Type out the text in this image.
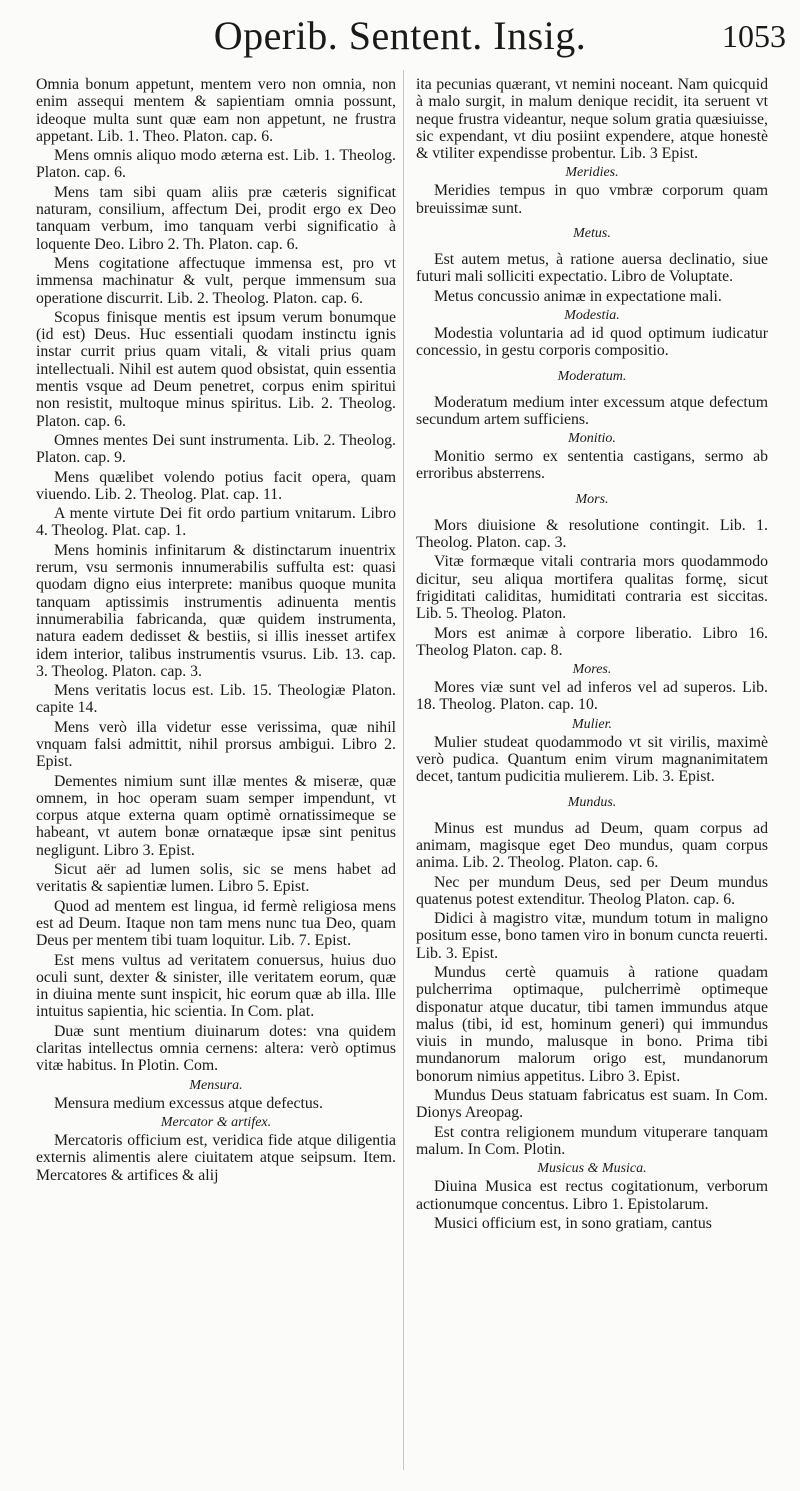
Operib. Sentent. Insig.	1053
Omnia bonum appetunt, mentem vero non omnia, non enim assequi mentem & sapientiam omnia possunt, ideoque multa sunt quæ eam non appetunt, ne frustra appetant. Lib. 1. Theo. Platon. cap. 6.
Mens omnis aliquo modo æterna est. Lib. 1. Theolog. Platon. cap. 6.
Mens tam sibi quam aliis præ cæteris significat naturam, consilium, affectum Dei, prodit ergo ex Deo tanquam verbum, imo tanquam verbi significatio à loquente Deo. Libro 2. Th. Platon. cap. 6.
Mens cogitatione affectuque immensa est, pro vt immensa machinatur & vult, perque immensum sua operatione discurrit. Lib. 2. Theolog. Platon. cap. 6.
Scopus finisque mentis est ipsum verum bonumque (id est) Deus. Huc essentiali quodam instinctu ignis instar currit prius quam vitali, & vitali prius quam intellectuali. Nihil est autem quod obsistat, quin essentia mentis vsque ad Deum penetret, corpus enim spiritui non resistit, multoque minus spiritus. Lib. 2. Theolog. Platon. cap. 6.
Omnes mentes Dei sunt instrumenta. Lib. 2. Theolog. Platon. cap. 9.
Mens quælibet volendo potius facit opera, quam viuendo. Lib. 2. Theolog. Plat. cap. 11.
A mente virtute Dei fit ordo partium vnitarum. Libro 4. Theolog. Plat. cap. 1.
Mens hominis infinitarum & distinctarum inuentrix rerum, vsu sermonis innumerabilis suffulta est: quasi quodam digno eius interprete: manibus quoque munita tanquam aptissimis instrumentis adinuenta mentis innumerabilia fabricanda, quæ quidem instrumenta, natura eadem dedisset & bestiis, si illis inesset artifex idem interior, talibus instrumentis vsurus. Lib. 13. cap. 3. Theolog. Platon. cap. 3.
Mens veritatis locus est. Lib. 15. Theologiæ Platon. capite 14.
Mens verò illa videtur esse verissima, quæ nihil vnquam falsi admittit, nihil prorsus ambigui. Libro 2. Epist.
Dementes nimium sunt illæ mentes & miseræ, quæ omnem, in hoc operam suam semper impendunt, vt corpus atque externa quam optimè ornatissimeque se habeant, vt autem bonæ ornatæque ipsæ sint penitus negligunt. Libro 3. Epist.
Sicut aër ad lumen solis, sic se mens habet ad veritatis & sapientiæ lumen. Libro 5. Epist.
Quod ad mentem est lingua, id fermè religiosa mens est ad Deum. Itaque non tam mens nunc tua Deo, quam Deus per mentem tibi tuam loquitur. Lib. 7. Epist.
Est mens vultus ad veritatem conuersus, huius duo oculi sunt, dexter & sinister, ille veritatem eorum, quæ in diuina mente sunt inspicit, hic eorum quæ ab illa. Ille intuitus sapientia, hic scientia. In Com. plat.
Duæ sunt mentium diuinarum dotes: vna quidem claritas intellectus omnia cernens: altera: verò optimus vitæ habitus. In Plotin. Com.
Mensura.
Mensura medium excessus atque defectus.
Mercator & artifex.
Mercatoris officium est, veridica fide atque diligentia externis alimentis alere ciuitatem atque seipsum. Item. Mercatores & artifices & alij
ita pecunias quærant, vt nemini noceant. Nam quicquid à malo surgit, in malum denique recidit, ita seruent vt neque frustra videantur, neque solum gratia quæsiuisse, sic expendant, vt diu posiint expendere, atque honestè & vtiliter expendisse probentur. Lib. 3 Epist.
Meridies.
Meridies tempus in quo vmbræ corporum quam breuissimæ sunt.
Metus.
Est autem metus, à ratione auersa declinatio, siue futuri mali solliciti expectatio. Libro de Voluptate.
Metus concussio animæ in expectatione mali.
Modestia.
Modestia voluntaria ad id quod optimum iudicatur concessio, in gestu corporis compositio.
Moderatum.
Moderatum medium inter excessum atque defectum secundum artem sufficiens.
Monitio.
Monitio sermo ex sententia castigans, sermo ab erroribus absterrens.
Mors.
Mors diuisione & resolutione contingit. Lib. 1. Theolog. Platon. cap. 3.
Vitæ formæque vitali contraria mors quodammodo dicitur, seu aliqua mortifera qualitas formę, sicut frigiditati caliditas, humiditati contraria est siccitas. Lib. 5. Theolog. Platon.
Mors est animæ à corpore liberatio. Libro 16. Theolog Platon. cap. 8.
Mores.
Mores viæ sunt vel ad inferos vel ad superos. Lib. 18. Theolog. Platon. cap. 10.
Mulier.
Mulier studeat quodammodo vt sit virilis, maximè verò pudica. Quantum enim virum magnanimitatem decet, tantum pudicitia mulierem. Lib. 3. Epist.
Mundus.
Minus est mundus ad Deum, quam corpus ad animam, magisque eget Deo mundus, quam corpus anima. Lib. 2. Theolog. Platon. cap. 6.
Nec per mundum Deus, sed per Deum mundus quatenus potest extenditur. Theolog Platon. cap. 6.
Didici à magistro vitæ, mundum totum in maligno positum esse, bono tamen viro in bonum cuncta reuerti. Lib. 3. Epist.
Mundus certè quamuis à ratione quadam pulcherrima optimaque, pulcherrimè optimeque disponatur atque ducatur, tibi tamen immundus atque malus (tibi, id est, hominum generi) qui immundus viuis in mundo, malusque in bono. Prima tibi mundanorum malorum origo est, mundanorum bonorum nimius appetitus. Libro 3. Epist.
Mundus Deus statuam fabricatus est suam. In Com. Dionys Areopag.
Est contra religionem mundum vituperare tanquam malum. In Com. Plotin.
Musicus & Musica.
Diuina Musica est rectus cogitationum, verborum actionumque concentus. Libro 1. Epistolarum.
Musici officium est, in sono gratiam, cantus
